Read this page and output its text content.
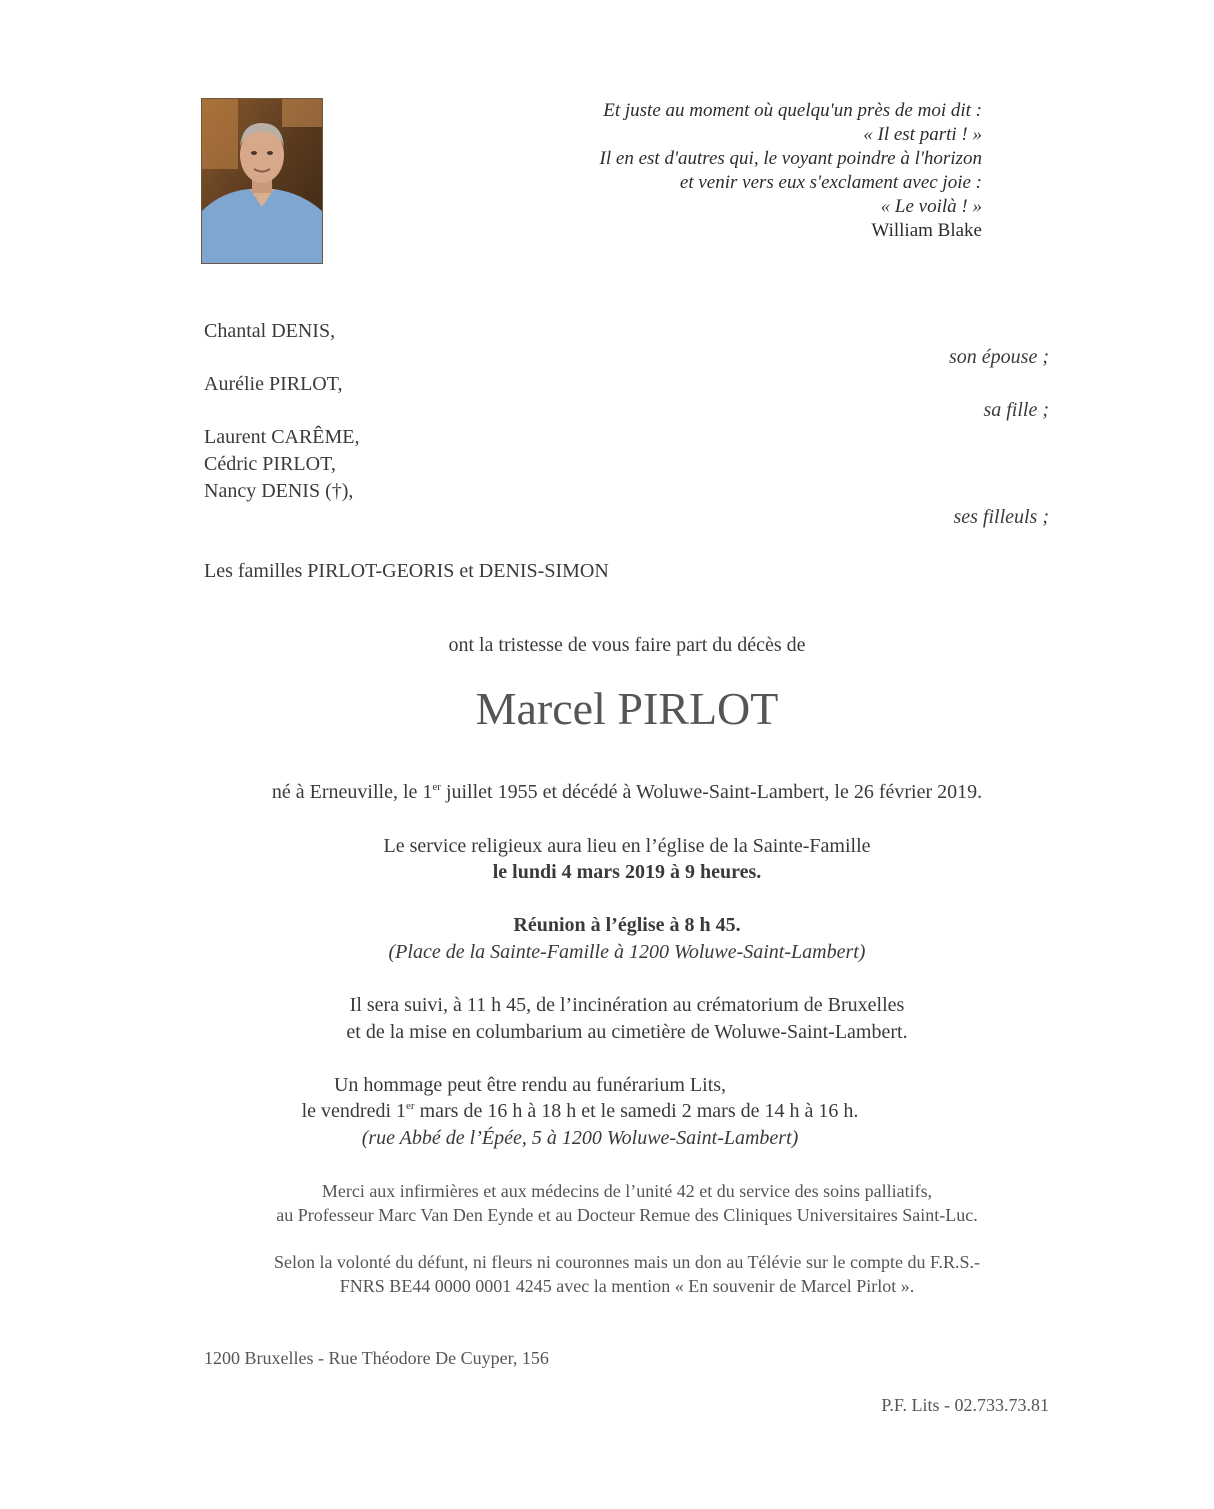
Et juste au moment où quelqu'un près de moi dit :
« Il est parti ! »
Il en est d'autres qui, le voyant poindre à l'horizon
et venir vers eux s'exclament avec joie :
« Le voilà ! »
William Blake
Chantal DENIS,
son épouse ;
Aurélie PIRLOT,
sa fille ;
Laurent CARÊME,
Cédric PIRLOT,
Nancy DENIS (†),
ses filleuls ;
Les familles PIRLOT-GEORIS et DENIS-SIMON
ont la tristesse de vous faire part du décès de
Marcel PIRLOT
né à Erneuville, le 1er juillet 1955 et décédé à Woluwe-Saint-Lambert, le 26 février 2019.
Le service religieux aura lieu en l’église de la Sainte-Famille
le lundi 4 mars 2019 à 9 heures.
Réunion à l’église à 8 h 45.
(Place de la Sainte-Famille à 1200 Woluwe-Saint-Lambert)
Il sera suivi, à 11 h 45, de l’incinération au crématorium de Bruxelles
et de la mise en columbarium au cimetière de Woluwe-Saint-Lambert.
Un hommage peut être rendu au funérarium Lits,
le vendredi 1er mars de 16 h à 18 h et le samedi 2 mars de 14 h à 16 h.
(rue Abbé de l’Épée, 5 à 1200 Woluwe-Saint-Lambert)
Merci aux infirmières et aux médecins de l’unité 42 et du service des soins palliatifs,
au Professeur Marc Van Den Eynde et au Docteur Remue des Cliniques Universitaires Saint-Luc.
Selon la volonté du défunt, ni fleurs ni couronnes mais un don au Télévie sur le compte du F.R.S.-
FNRS BE44 0000 0001 4245 avec la mention « En souvenir de Marcel Pirlot ».
1200 Bruxelles - Rue Théodore De Cuyper, 156
P.F. Lits - 02.733.73.81
